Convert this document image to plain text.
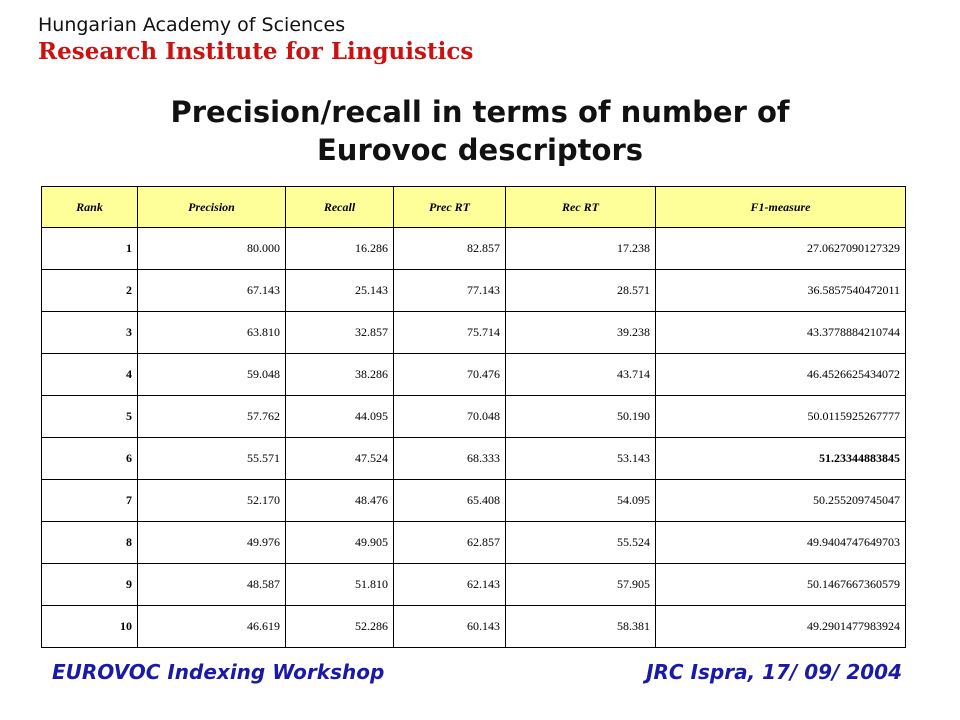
Hungarian Academy of Sciences
Research Institute for Linguistics
Precision/recall in terms of number of
Eurovoc descriptors
Rank	Precision	Recall	Prec RT	Rec RT	F1-measure
1	80.000	16.286	82.857	17.238	27.0627090127329
2	67.143	25.143	77.143	28.571	36.5857540472011
3	63.810	32.857	75.714	39.238	43.3778884210744
4	59.048	38.286	70.476	43.714	46.4526625434072
5	57.762	44.095	70.048	50.190	50.0115925267777
6	55.571	47.524	68.333	53.143	51.23344883845
7	52.170	48.476	65.408	54.095	50.255209745047
8	49.976	49.905	62.857	55.524	49.9404747649703
9	48.587	51.810	62.143	57.905	50.1467667360579
10	46.619	52.286	60.143	58.381	49.2901477983924
EUROVOC Indexing Workshop	JRC Ispra, 17/ 09/ 2004
